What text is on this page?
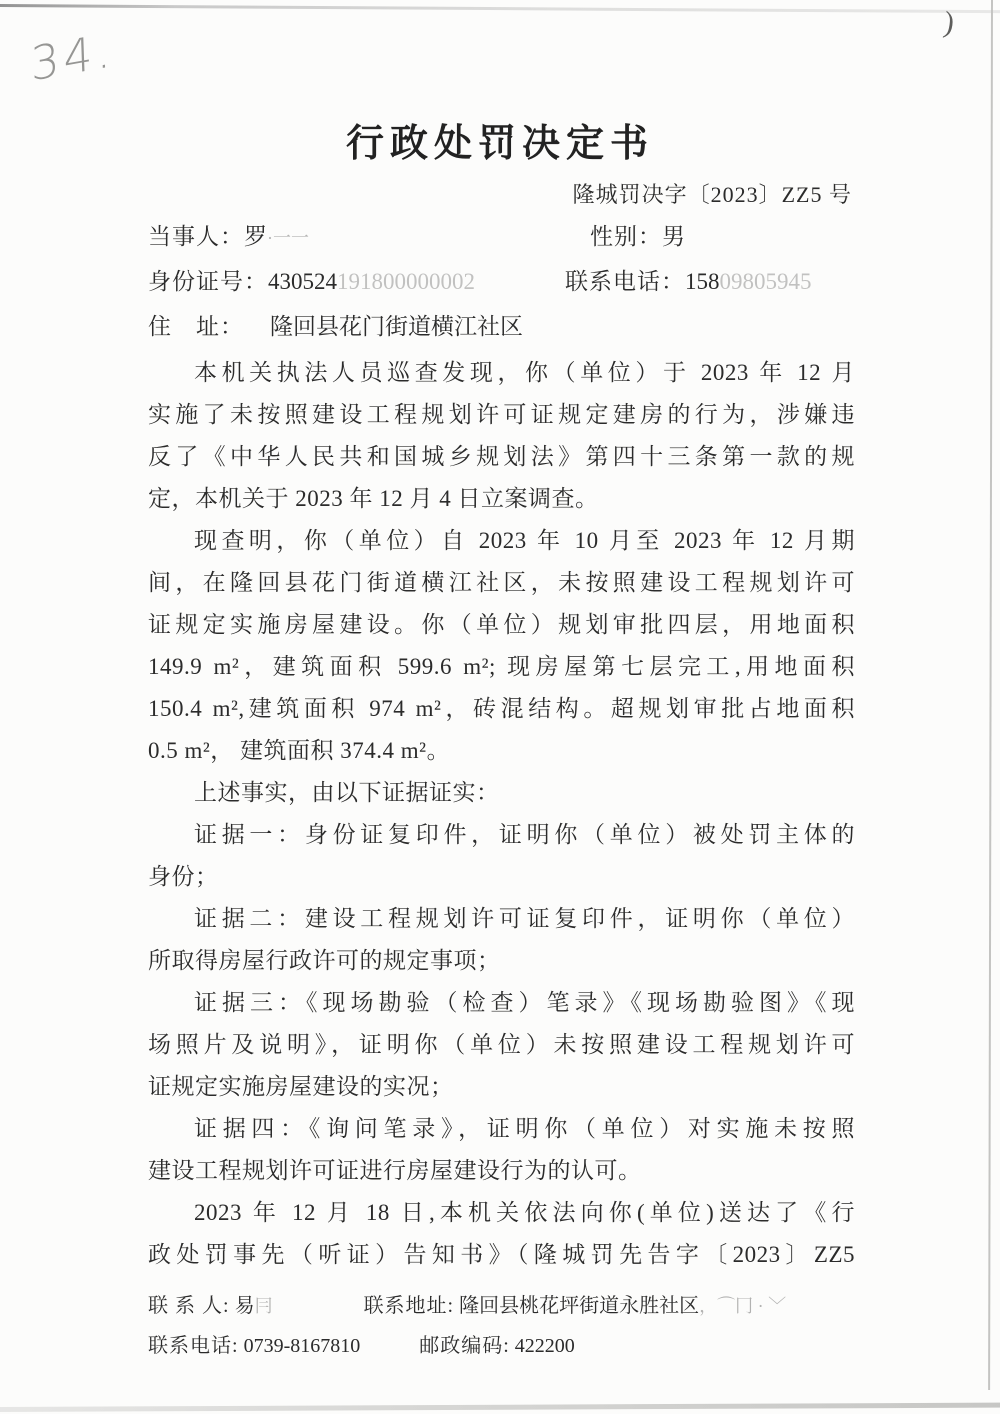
34.	)
行政处罚决定书
隆城罚决字〔2023〕ZZ5 号
当事人：罗·一一	性别：男
身份证号：430524191800000002	联系电话：15809805945
住　址： 隆回县花门街道横江社区
本机关执法人员巡查发现，你（单位）于 2023 年 12 月
实施了未按照建设工程规划许可证规定建房的行为，涉嫌违
反了《中华人民共和国城乡规划法》第四十三条第一款的规
定，本机关于 2023 年 12 月 4 日立案调查。
现查明，你（单位）自 2023 年 10 月至 2023 年 12 月期
间，在隆回县花门街道横江社区，未按照建设工程规划许可
证规定实施房屋建设。你（单位）规划审批四层，用地面积
149.9 m²，建筑面积 599.6 m²; 现房屋第七层完工,用地面积
150.4 m²,建筑面积 974 m²，砖混结构。超规划审批占地面积
0.5 m²， 建筑面积 374.4 m²。
上述事实，由以下证据证实：
证据一：身份证复印件，证明你（单位）被处罚主体的
身份；
证据二：建设工程规划许可证复印件，证明你（单位）
所取得房屋行政许可的规定事项；
证据三：《现场勘验（检查）笔录》《现场勘验图》《现
场照片及说明》，证明你（单位）未按照建设工程规划许可
证规定实施房屋建设的实况；
证据四：《询问笔录》，证明你（单位）对实施未按照
建设工程规划许可证进行房屋建设行为的认可。
2023 年 12 月 18 日,本机关依法向你(单位)送达了《行
政处罚事先（听证）告知书》（隆城罚先告字〔2023〕ZZ5
联 系 人: 易冃	联系地址: 隆回县桃花坪街道永胜社区，⌒冂 · ﹀
联系电话: 0739-8167810	邮政编码: 422200
